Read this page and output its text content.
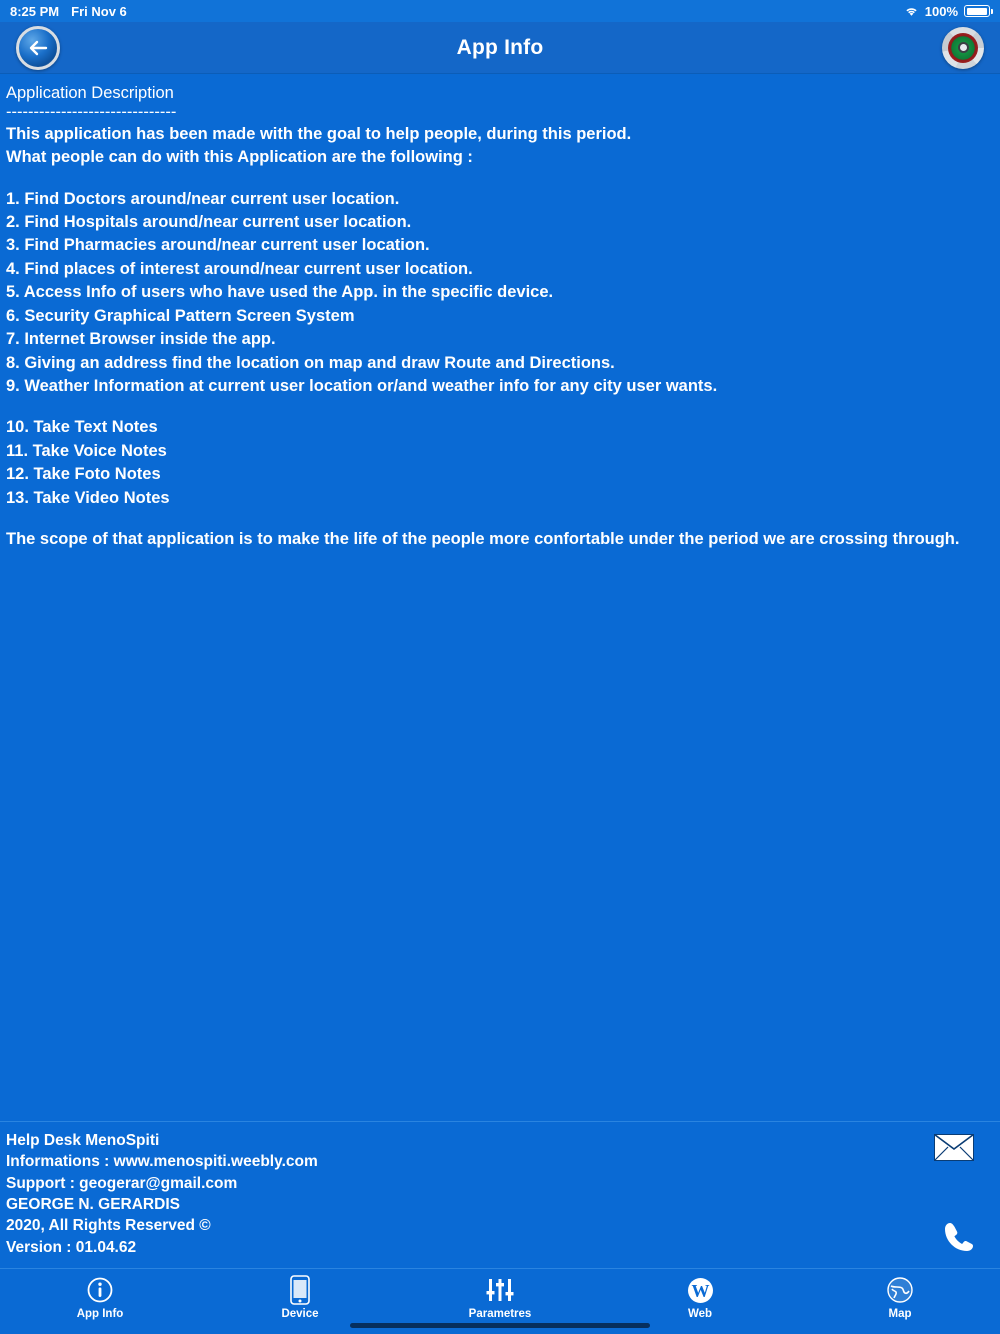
8:25 PM Fri Nov 6	100%
App Info
Application Description
-------------------------------
This application has been made with the goal to help people, during this period.
What people can do with this Application are the following :
1. Find Doctors around/near current user location.
2. Find Hospitals around/near current user location.
3. Find Pharmacies around/near current user location.
4. Find places of interest around/near current user location.
5. Access Info of users who have used the App. in the specific device.
6. Security Graphical Pattern Screen System
7. Internet Browser inside the app.
8. Giving an address find the location on map and draw Route and Directions.
9. Weather Information at current user location or/and weather info for any city user wants.
10. Take Text Notes
11. Take Voice Notes
12. Take Foto Notes
13. Take Video Notes
The scope of that application is to make the life of the people more confortable under the period we are crossing through.
Help Desk MenoSpiti
Informations : www.menospiti.weebly.com
Support : geogerar@gmail.com
GEORGE N. GERARDIS
2020, All Rights Reserved ©
Version : 01.04.62
App Info	Device	Parametres
W
Web	Map
